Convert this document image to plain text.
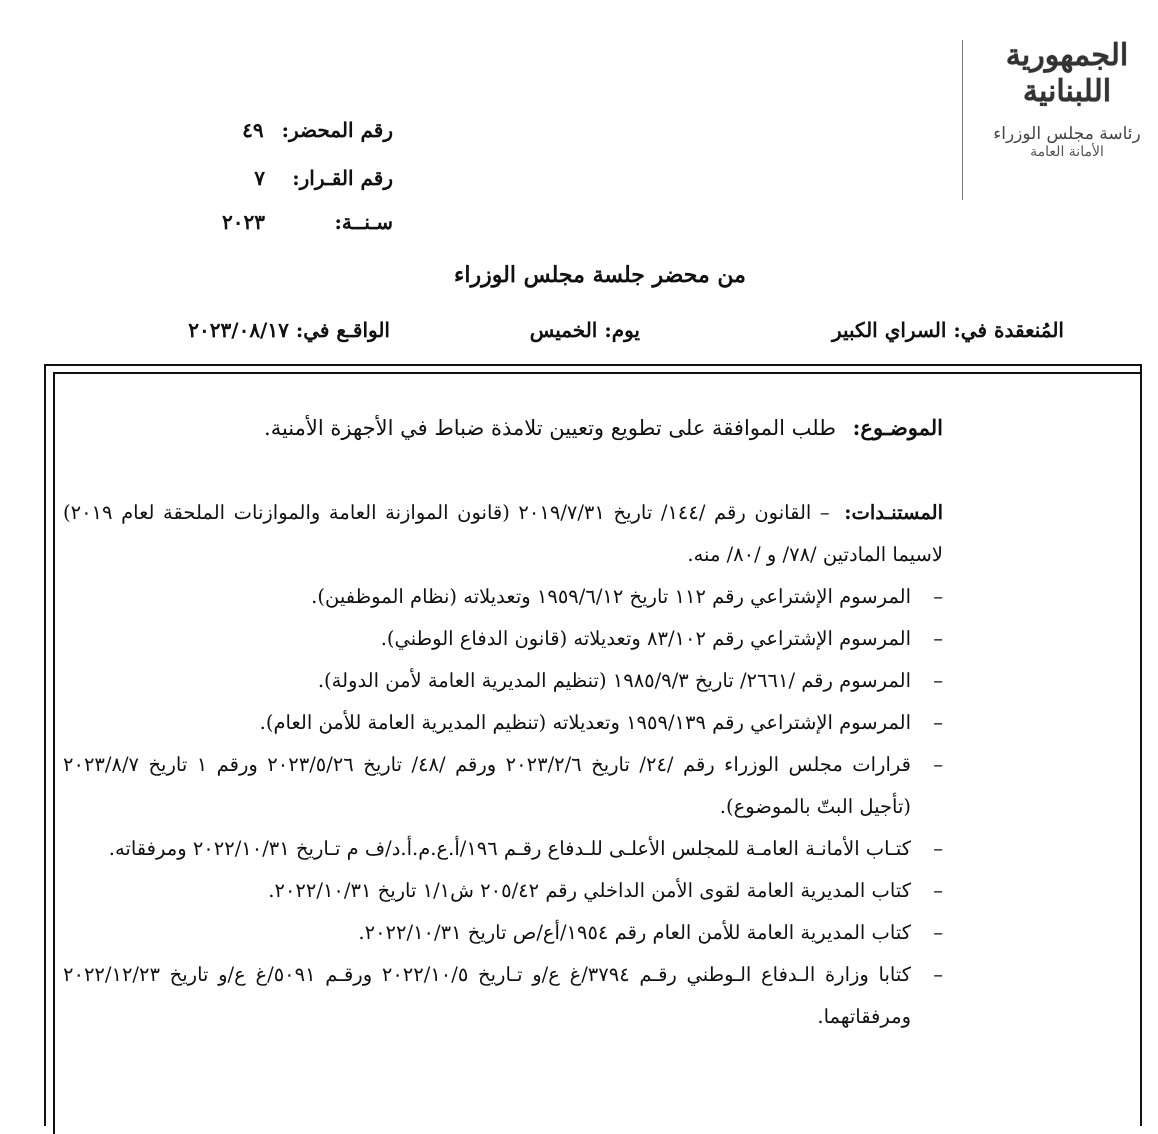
الجمهورية
اللبنانية
رئاسة مجلس الوزراء
الأمانة العامة
رقم المحضر:
٤٩
رقم القـرار:
٧
سـنــة:
٢٠٢٣
من محضر جلسة مجلس الوزراء
المُنعقدة في: السراي الكبير
يوم: الخميس
الواقـع في: ٢٠٢٣/٠٨/١٧
الموضـوع: طلب الموافقة على تطويع وتعيين تلامذة ضباط في الأجهزة الأمنية.
المستنـدات: – القانون رقم /١٤٤/ تاريخ ٢٠١٩/٧/٣١ (قانون الموازنة العامة والموازنات الملحقة لعام ٢٠١٩) لاسيما المادتين /٧٨/ و /٨٠/ منه.
–
المرسوم الإشتراعي رقم ١١٢ تاريخ ١٩٥٩/٦/١٢ وتعديلاته (نظام الموظفين).
–
المرسوم الإشتراعي رقم ٨٣/١٠٢ وتعديلاته (قانون الدفاع الوطني).
–
المرسوم رقم /٢٦٦١/ تاريخ ١٩٨٥/٩/٣ (تنظيم المديرية العامة لأمن الدولة).
–
المرسوم الإشتراعي رقم ١٩٥٩/١٣٩ وتعديلاته (تنظيم المديرية العامة للأمن العام).
–
قرارات مجلس الوزراء رقم /٢٤/ تاريخ ٢٠٢٣/٢/٦ ورقم /٤٨/ تاريخ ٢٠٢٣/٥/٢٦ ورقم ١ تاريخ ٢٠٢٣/٨/٧ (تأجيل البتّ بالموضوع).
–
كتـاب الأمانـة العامـة للمجلس الأعلـى للـدفاع رقـم ١٩٦/أ.ع.م.أ.د/ف م تـاريخ ٢٠٢٢/١٠/٣١ ومرفقاته.
–
كتاب المديرية العامة لقوى الأمن الداخلي رقم ٢٠٥/٤٢ ش١/١ تاريخ ٢٠٢٢/١٠/٣١.
–
كتاب المديرية العامة للأمن العام رقم ١٩٥٤/أع/ص تاريخ ٢٠٢٢/١٠/٣١.
–
كتابا وزارة الـدفاع الـوطني رقـم ٣٧٩٤/غ ع/و تـاريخ ٢٠٢٢/١٠/٥ ورقـم ٥٠٩١/غ ع/و تاريخ ٢٠٢٢/١٢/٢٣ ومرفقاتهما.
